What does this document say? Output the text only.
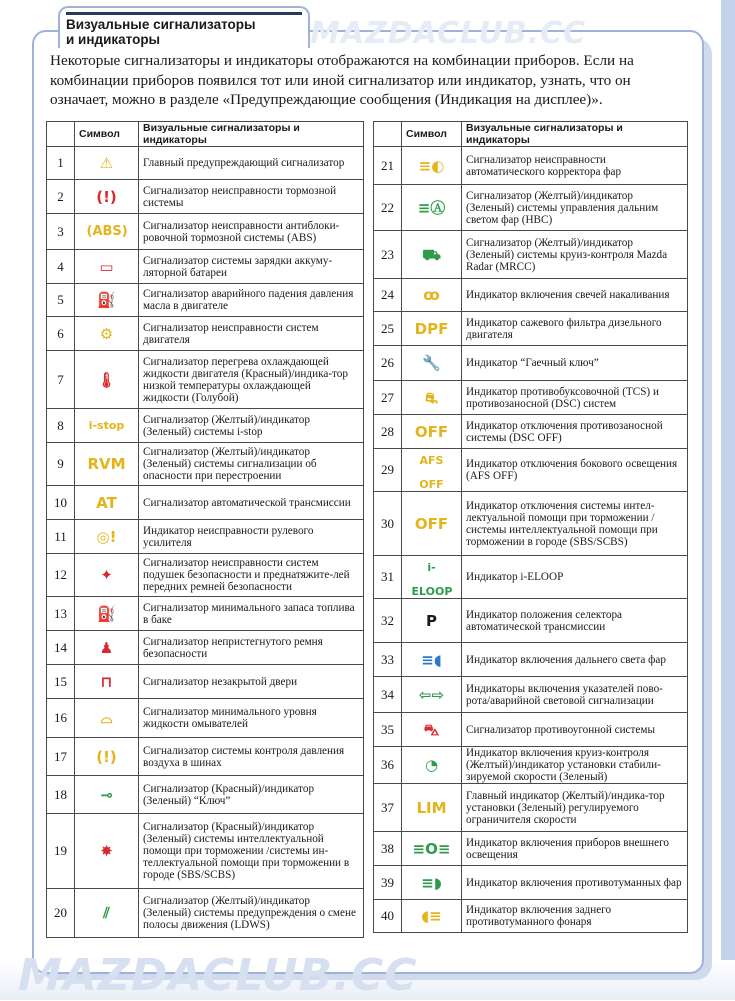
MAZDACLUB.CC
Визуальные сигнализаторы
и индикаторы
Некоторые сигнализаторы и индикаторы отображаются на комбинации приборов. Если на комбинации приборов появился тот или иной сигнализатор или индикатор, узнать, что он означает, можно в разделе «Предупреждающие сообщения (Индикация на дисплее)».
	Символ	Визуальные сигнализаторы и индикаторы
1	⚠	Главный предупреждающий сигнализатор
2	(!)	Сигнализатор неисправности тормозной системы
3	(ABS)	Сигнализатор неисправности антиблоки-ровочной тормозной системы (ABS)
4	▭	Сигнализатор системы зарядки аккуму-ляторной батареи
5	⛽	Сигнализатор аварийного падения давления масла в двигателе
6	⚙	Сигнализатор неисправности систем двигателя
7	🌡	Сигнализатор перегрева охлаждающей жидкости двигателя (Красный)/индика-тор низкой температуры охлаждающей жидкости (Голубой)
8	i-stop	Сигнализатор (Желтый)/индикатор (Зеленый) системы i-stop
9	RVM	Сигнализатор (Желтый)/индикатор (Зеленый) системы сигнализации об опасности при перестроении
10	AT	Сигнализатор автоматической трансмиссии
11	◎!	Индикатор неисправности рулевого усилителя
12	✦	Сигнализатор неисправности систем подушек безопасности и преднатяжите-лей передних ремней безопасности
13	⛽	Сигнализатор минимального запаса топлива в баке
14	♟	Сигнализатор непристегнутого ремня безопасности
15	⊓	Сигнализатор незакрытой двери
16	⌓	Сигнализатор минимального уровня жидкости омывателей
17	(!)	Сигнализатор системы контроля давления воздуха в шинах
18	⊸	Сигнализатор (Красный)/индикатор (Зеленый) “Ключ”
19	✸	Сигнализатор (Красный)/индикатор (Зеленый) системы интеллектуальной помощи при торможении /системы ин-теллектуальной помощи при торможении в городе (SBS/SCBS)
20	⫽	Сигнализатор (Желтый)/индикатор (Зеленый) системы предупреждения о смене полосы движения (LDWS)
	Символ	Визуальные сигнализаторы и индикаторы
21	≡◐	Сигнализатор неисправности автоматического корректора фар
22	≡Ⓐ	Сигнализатор (Желтый)/индикатор (Зеленый) системы управления дальним светом фар (HBC)
23	⛟	Сигнализатор (Желтый)/индикатор (Зеленый) системы круиз-контроля Mazda Radar (MRCC)
24	ꝏ	Индикатор включения свечей накаливания
25	DPF	Индикатор сажевого фильтра дизельного двигателя
26	🔧	Индикатор “Гаечный ключ”
27	⛐	Индикатор противобуксовочной (TCS) и противозаносной (DSC) систем
28	OFF	Индикатор отключения противозаносной системы (DSC OFF)
29	AFS OFF	Индикатор отключения бокового освещения (AFS OFF)
30	OFF	Индикатор отключения системы интел-лектуальной помощи при торможении / системы интеллектуальной помощи при торможении в городе (SBS/SCBS)
31	i-ELOOP	Индикатор i-ELOOP
32	P	Индикатор положения селектора автоматической трансмиссии
33	≡◖	Индикатор включения дальнего света фар
34	⇦⇨	Индикаторы включения указателей пово-рота/аварийной световой сигнализации
35	⛍	Сигнализатор противоугонной системы
36	◔	Индикатор включения круиз-контроля (Желтый)/индикатор установки стабили-зируемой скорости (Зеленый)
37	LIM	Главный индикатор (Желтый)/индика-тор установки (Зеленый) регулируемого ограничителя скорости
38	≡O≡	Индикатор включения приборов внешнего освещения
39	≡◗	Индикатор включения противотуманных фар
40	◖≡	Индикатор включения заднего противотуманного фонаря
MAZDACLUB.CC
